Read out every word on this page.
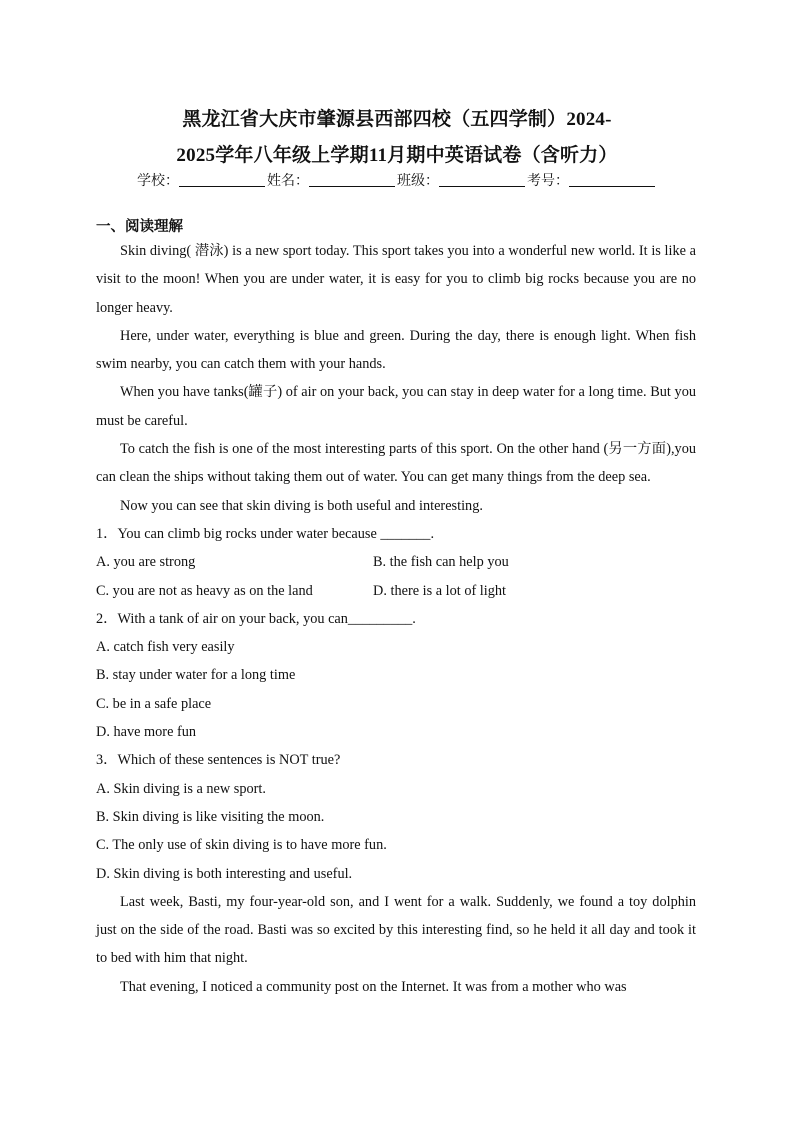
黑龙江省大庆市肇源县西部四校（五四学制）2024-
2025学年八年级上学期11月期中英语试卷（含听力）
学校：	姓名：	班级：	考号：
一、阅读理解

Skin diving( 潜泳) is a new sport today. This sport takes you into a wonderful new world. It is like a visit to the moon! When you are under water, it is easy for you to climb big rocks because you are no longer heavy.

Here, under water, everything is blue and green. During the day, there is enough light. When fish swim nearby, you can catch them with your hands.

When you have tanks(罐子) of air on your back, you can stay in deep water for a long time. But you must be careful.

To catch the fish is one of the most interesting parts of this sport. On the other hand (另一方面),you can clean the ships without taking them out of water. You can get many things from the deep sea.

Now you can see that skin diving is both useful and interesting.

1．You can climb big rocks under water because _______.

A. you are strong	B. the fish can help you
C. you are not as heavy as on the land	D. there is a lot of light

2．With a tank of air on your back, you can_________.

A. catch fish very easily

B. stay under water for a long time

C. be in a safe place

D. have more fun

3．Which of these sentences is NOT true?

A. Skin diving is a new sport.

B. Skin diving is like visiting the moon.

C. The only use of skin diving is to have more fun.

D. Skin diving is both interesting and useful.

Last week, Basti, my four-year-old son, and I went for a walk. Suddenly, we found a toy dolphin just on the side of the road. Basti was so excited by this interesting find, so he held it all day and took it to bed with him that night.

That evening, I noticed a community post on the Internet. It was from a mother who was
